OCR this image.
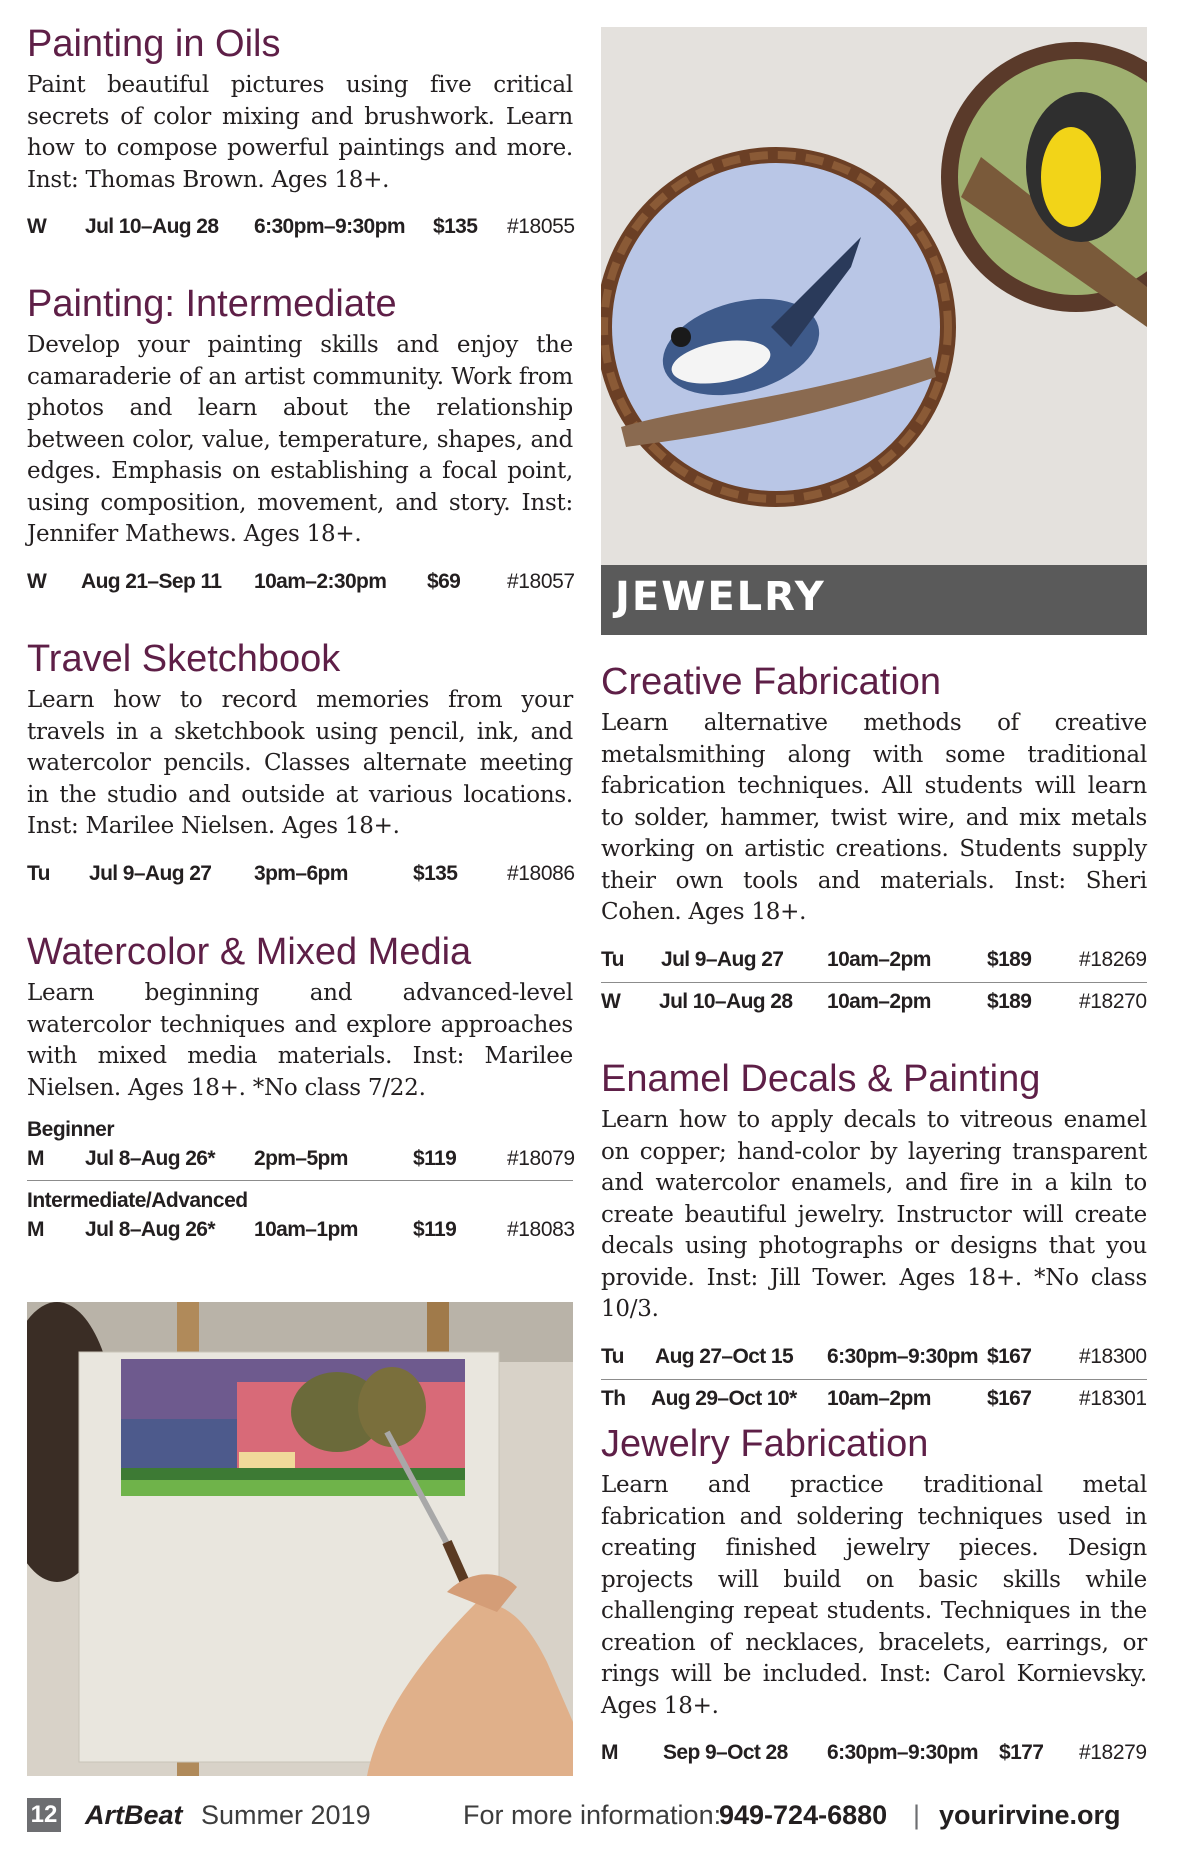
Painting in Oils

Paint beautiful pictures using five critical secrets of color mixing and brushwork. Learn how to compose powerful paintings and more. Inst: Thomas Brown. Ages 18+.

W Jul 10–Aug 28 6:30pm–9:30pm $135 #18055
Painting: Intermediate

Develop your painting skills and enjoy the camaraderie of an artist community. Work from photos and learn about the relationship between color, value, temperature, shapes, and edges. Emphasis on establishing a focal point, using composition, movement, and story. Inst: Jennifer Mathews. Ages 18+.

W Aug 21–Sep 11 10am–2:30pm $69 #18057
Travel Sketchbook

Learn how to record memories from your travels in a sketchbook using pencil, ink, and watercolor pencils. Classes alternate meeting in the studio and outside at various locations. Inst: Marilee Nielsen. Ages 18+.

Tu Jul 9–Aug 27 3pm–6pm	$135 #18086
Watercolor & Mixed Media

Learn beginning and advanced-level watercolor techniques and explore approaches with mixed media materials. Inst: Marilee Nielsen. Ages 18+. *No class 7/22.

Beginner
M Jul 8–Aug 26* 2pm–5pm	$119 #18079
Intermediate/Advanced
M Jul 8–Aug 26* 10am–1pm	$119 #18083
JEWELRY
Creative Fabrication

Learn alternative methods of creative metalsmithing along with some traditional fabrication techniques. All students will learn to solder, hammer, twist wire, and mix metals working on artistic creations. Students supply their own tools and materials. Inst: Sheri Cohen. Ages 18+.

Tu Jul 9–Aug 27 10am–2pm	$189 #18269
W Jul 10–Aug 28 10am–2pm	$189 #18270
Enamel Decals & Painting

Learn how to apply decals to vitreous enamel on copper; hand-color by layering transparent and watercolor enamels, and fire in a kiln to create beautiful jewelry. Instructor will create decals using photographs or designs that you provide. Inst: Jill Tower. Ages 18+. *No class 10/3.

Tu Aug 27–Oct 15 6:30pm–9:30pm $167 #18300
Th Aug 29–Oct 10* 10am–2pm	$167 #18301
Jewelry Fabrication

Learn and practice traditional metal fabrication and soldering techniques used in creating finished jewelry pieces. Design projects will build on basic skills while challenging repeat students. Techniques in the creation of necklaces, bracelets, earrings, or rings will be included. Inst: Carol Kornievsky. Ages 18+.

M Sep 9–Oct 28 6:30pm–9:30pm $177 #18279
12 ArtBeat Summer 2019	For more information:
949-724-6880 | yourirvine.org
